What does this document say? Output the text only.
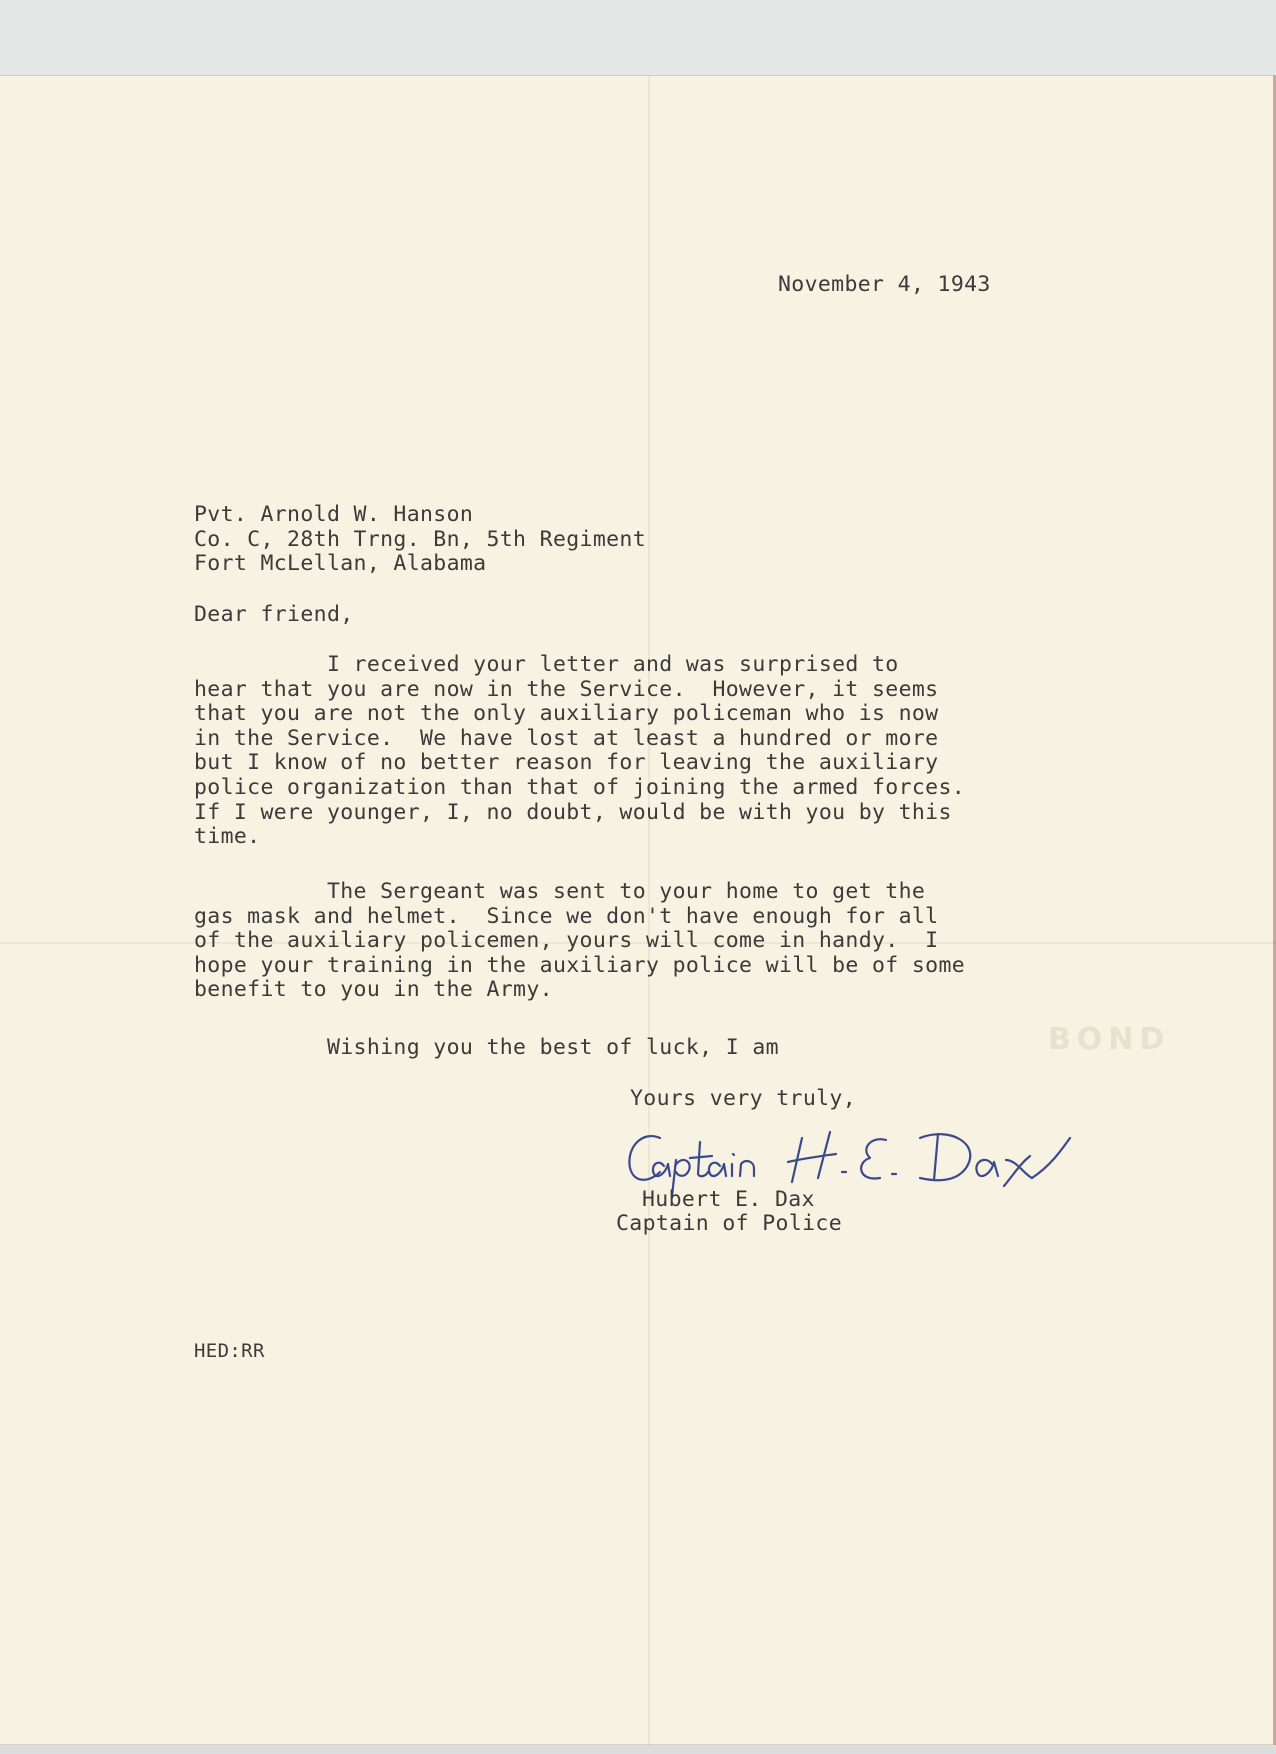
BOND

November 4, 1943

Pvt. Arnold W. Hanson
Co. C, 28th Trng. Bn, 5th Regiment
Fort McLellan, Alabama

Dear friend,

I received your letter and was surprised to
hear that you are now in the Service.  However, it seems
that you are not the only auxiliary policeman who is now
in the Service.  We have lost at least a hundred or more
but I know of no better reason for leaving the auxiliary
police organization than that of joining the armed forces.
If I were younger, I, no doubt, would be with you by this
time.

The Sergeant was sent to your home to get the
gas mask and helmet.  Since we don't have enough for all
of the auxiliary policemen, yours will come in handy.  I
hope your training in the auxiliary police will be of some
benefit to you in the Army.

Wishing you the best of luck, I am

Yours very truly,

Hubert E. Dax

Captain of Police

HED:RR
